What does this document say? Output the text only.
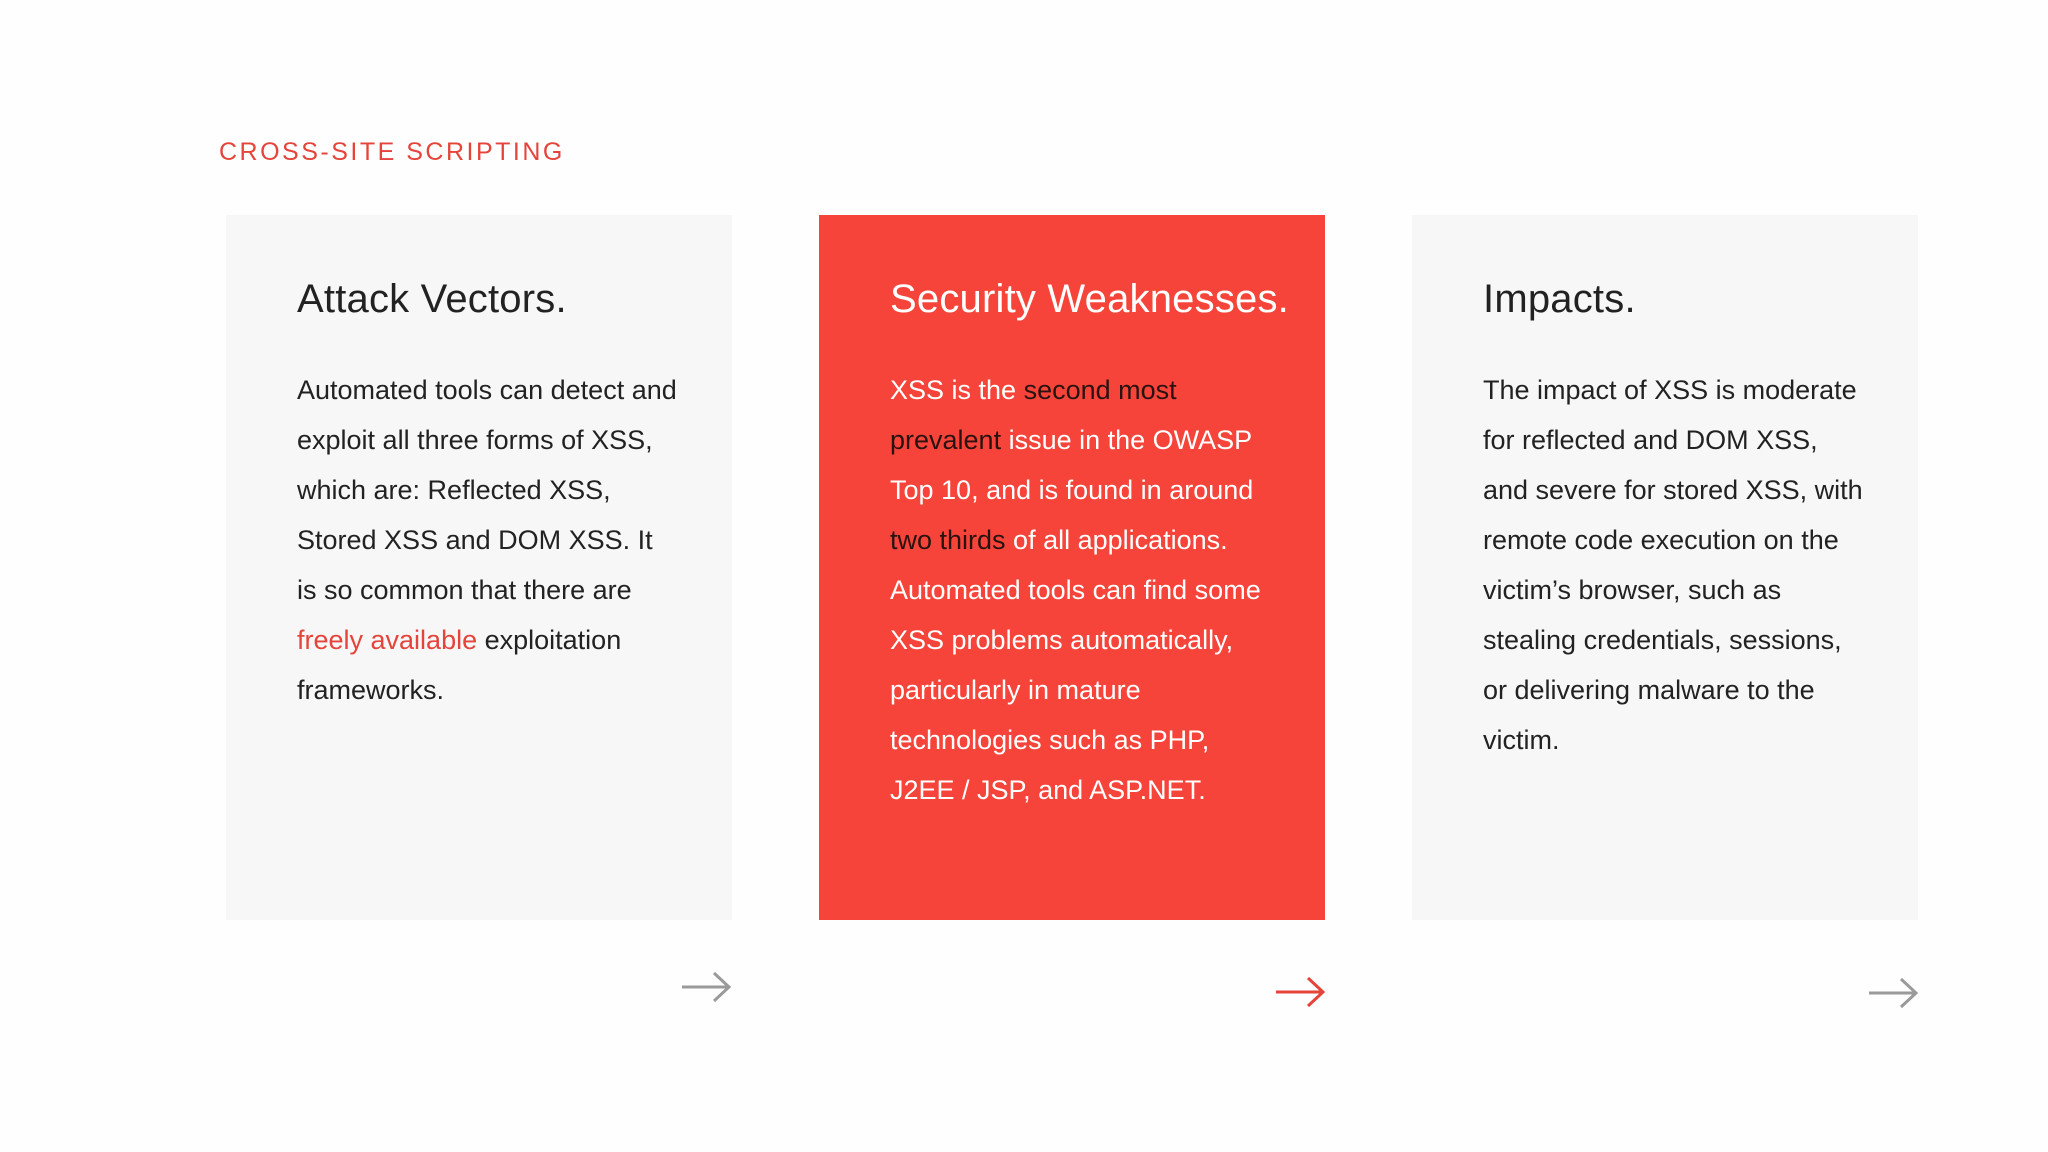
CROSS-SITE SCRIPTING
Attack Vectors.

Automated tools can detect and exploit all three forms of XSS, which are: Reflected XSS, Stored XSS and DOM XSS. It is so common that there are freely available exploitation frameworks.

Security Weaknesses.

XSS is the second most prevalent issue in the OWASP Top 10, and is found in around two thirds of all applications. Automated tools can find some XSS problems automatically, particularly in mature technologies such as PHP, J2EE / JSP, and ASP.NET.

Impacts.

The impact of XSS is moderate for reflected and DOM XSS, and severe for stored XSS, with remote code execution on the victim’s browser, such as stealing credentials, sessions, or delivering malware to the victim.
